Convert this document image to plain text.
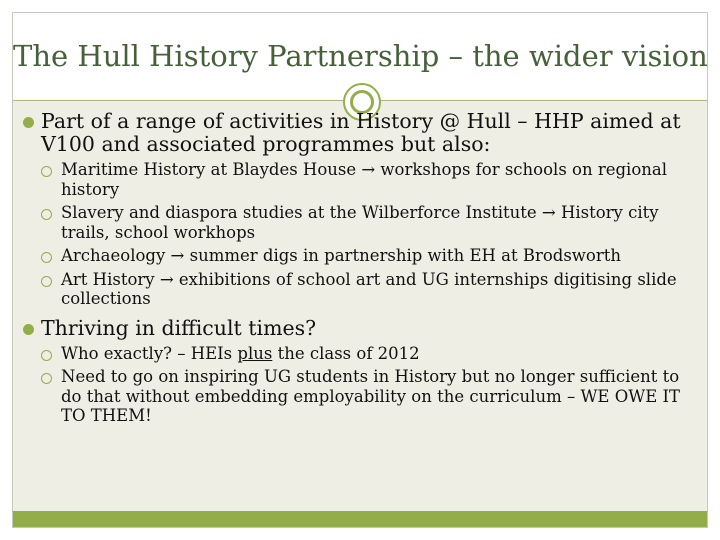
The Hull History Partnership – the wider vision
Part of a range of activities in History @ Hull – HHP aimed at V100 and associated programmes but also:
Maritime History at Blaydes House → workshops for schools on regional history
Slavery and diaspora studies at the Wilberforce Institute → History city trails, school workhops
Archaeology → summer digs in partnership with EH at Brodsworth
Art History → exhibitions of school art and UG internships digitising slide collections
Thriving in difficult times?
Who exactly? – HEIs plus the class of 2012
Need to go on inspiring UG students in History but no longer sufficient to do that without embedding employability on the curriculum – WE OWE IT TO THEM!
